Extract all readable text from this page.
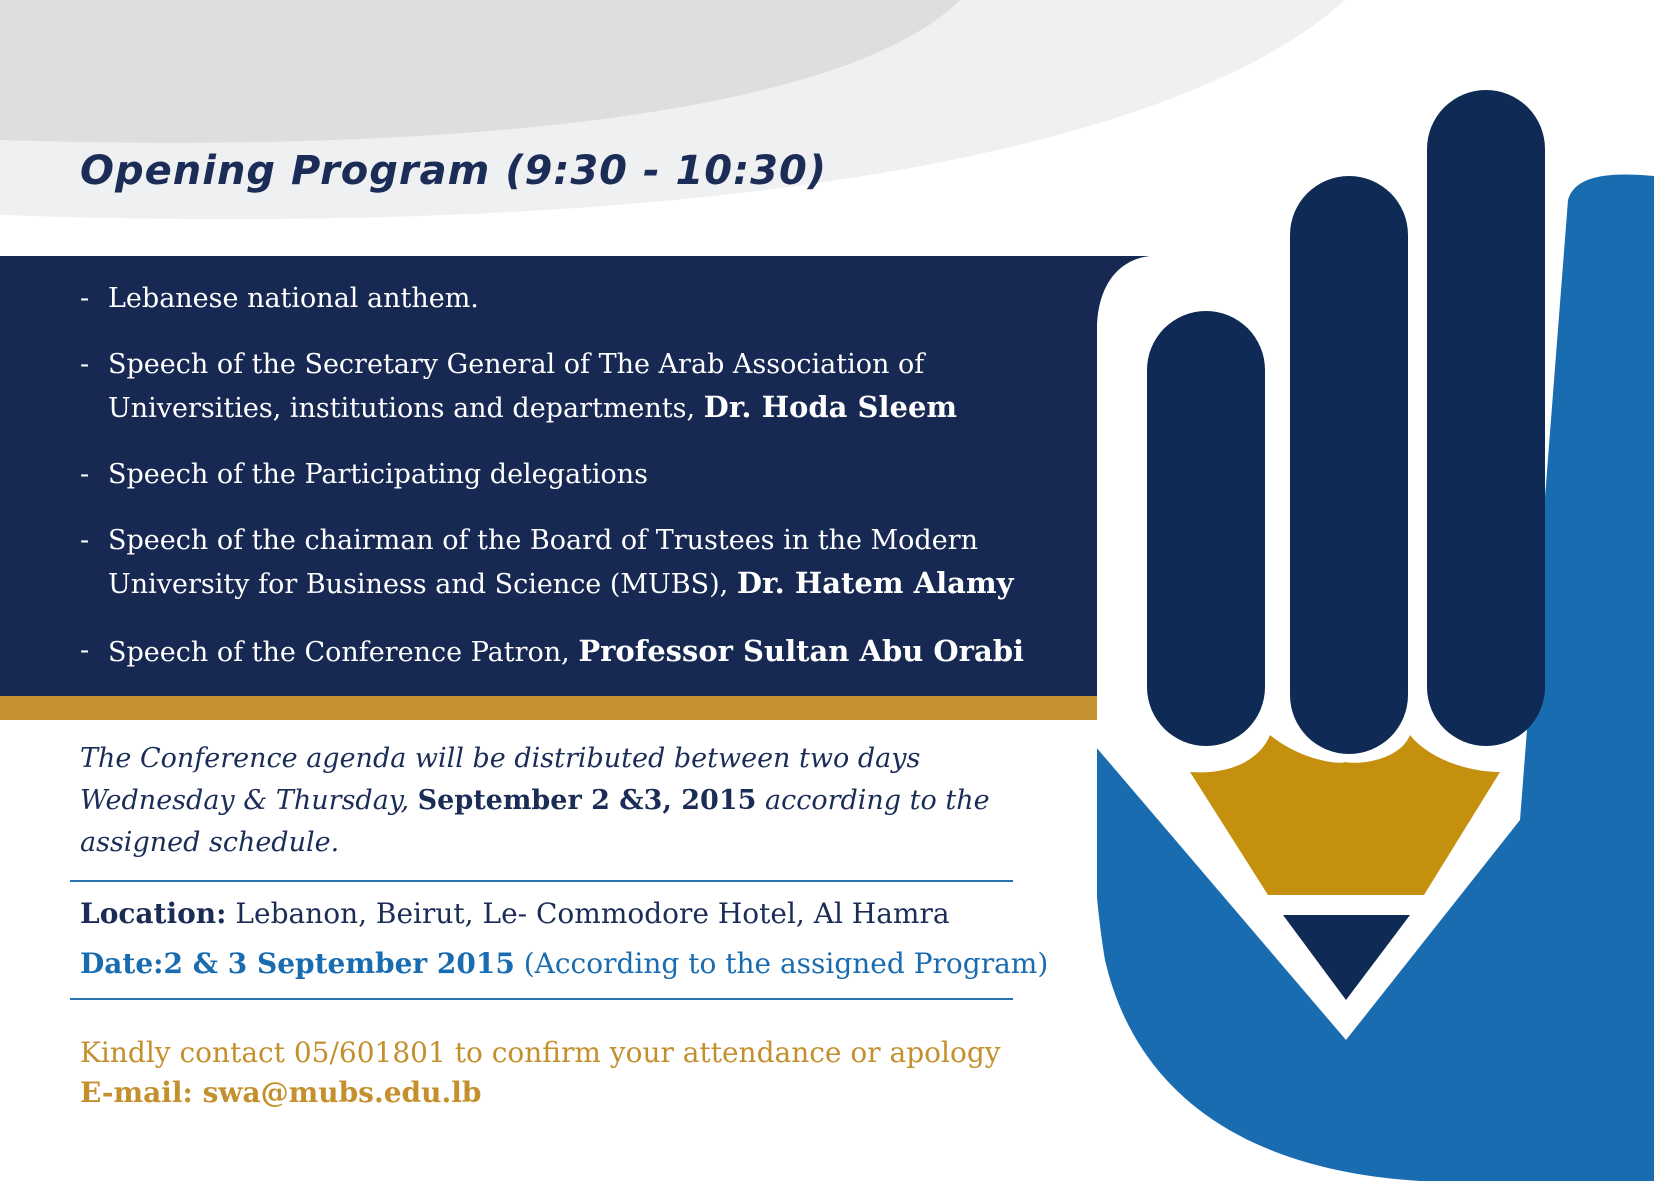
Opening Program (9:30 - 10:30)
- Lebanese national anthem.
- Speech of the Secretary General of The Arab Association of Universities, institutions and departments, Dr. Hoda Sleem
- Speech of the Participating delegations
- Speech of the chairman of the Board of Trustees in the Modern University for Business and Science (MUBS), Dr. Hatem Alamy
- Speech of the Conference Patron, Professor Sultan Abu Orabi

The Conference agenda will be distributed between two days Wednesday & Thursday, September 2 &3, 2015 according to the assigned schedule.

Location: Lebanon, Beirut, Le- Commodore Hotel, Al Hamra

Date:2 & 3 September 2015 (According to the assigned Program)

Kindly contact 05/601801 to confirm your attendance or apology

E-mail: swa@mubs.edu.lb
